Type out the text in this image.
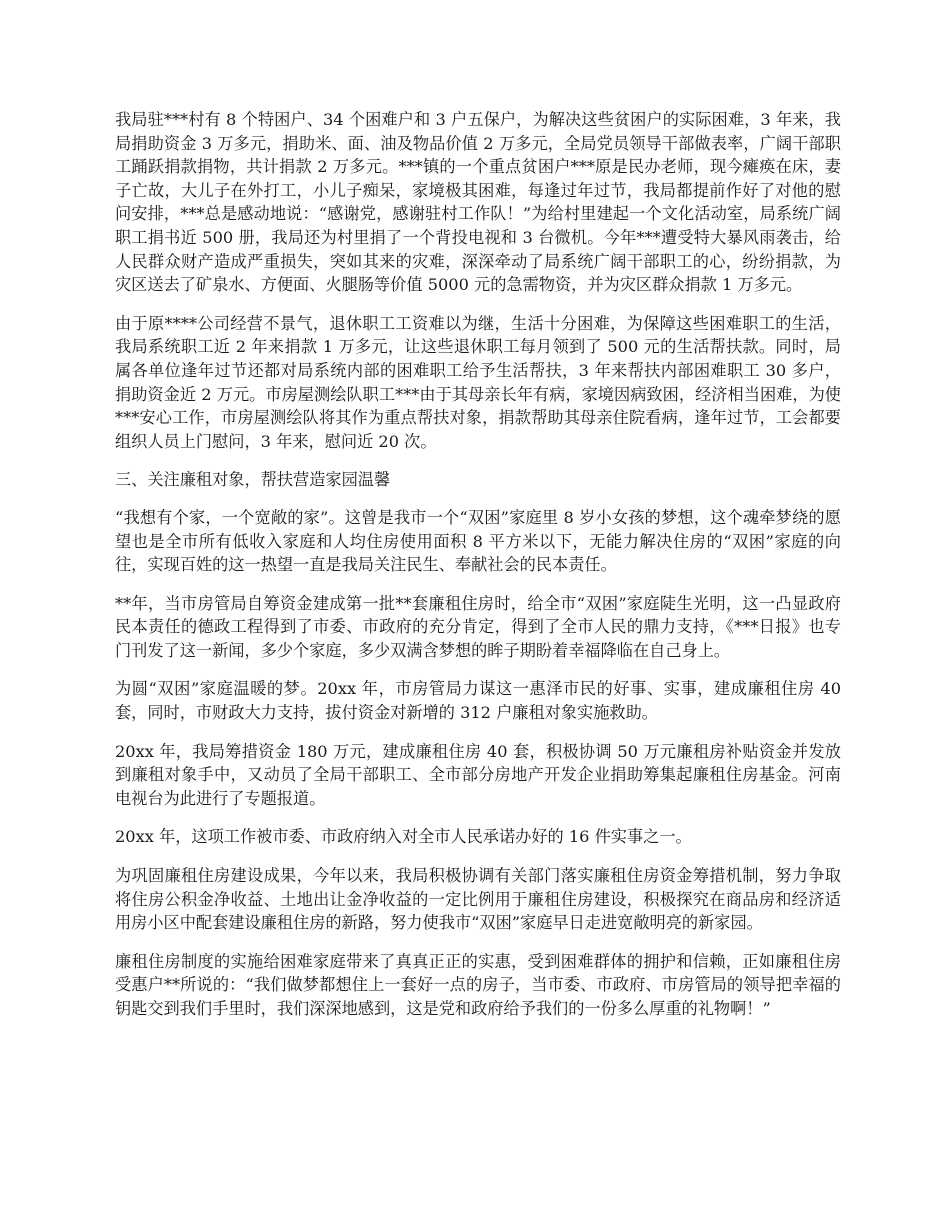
我局驻***村有 8 个特困户、34 个困难户和 3 户五保户，为解决这些贫困户的实际困难，3 年来，我局捐助资金 3 万多元，捐助米、面、油及物品价值 2 万多元，全局党员领导干部做表率，广阔干部职工踊跃捐款捐物，共计捐款 2 万多元。***镇的一个重点贫困户***原是民办老师，现今瘫痪在床，妻子亡故，大儿子在外打工，小儿子痴呆，家境极其困难，每逢过年过节，我局都提前作好了对他的慰问安排，***总是感动地说：“感谢党，感谢驻村工作队！”为给村里建起一个文化活动室，局系统广阔职工捐书近 500 册，我局还为村里捐了一个背投电视和 3 台微机。今年***遭受特大暴风雨袭击，给人民群众财产造成严重损失，突如其来的灾难，深深牵动了局系统广阔干部职工的心，纷纷捐款，为灾区送去了矿泉水、方便面、火腿肠等价值 5000 元的急需物资，并为灾区群众捐款 1 万多元。

由于原****公司经营不景气，退休职工工资难以为继，生活十分困难，为保障这些困难职工的生活，我局系统职工近 2 年来捐款 1 万多元，让这些退休职工每月领到了 500 元的生活帮扶款。同时，局属各单位逢年过节还都对局系统内部的困难职工给予生活帮扶，3 年来帮扶内部困难职工 30 多户，捐助资金近 2 万元。市房屋测绘队职工***由于其母亲长年有病，家境因病致困，经济相当困难，为使***安心工作，市房屋测绘队将其作为重点帮扶对象，捐款帮助其母亲住院看病，逢年过节，工会都要组织人员上门慰问，3 年来，慰问近 20 次。

三、关注廉租对象，帮扶营造家园温馨

“我想有个家，一个宽敞的家”。这曾是我市一个“双困”家庭里 8 岁小女孩的梦想，这个魂牵梦绕的愿望也是全市所有低收入家庭和人均住房使用面积 8 平方米以下，无能力解决住房的“双困”家庭的向往，实现百姓的这一热望一直是我局关注民生、奉献社会的民本责任。

**年，当市房管局自筹资金建成第一批**套廉租住房时，给全市“双困”家庭陡生光明，这一凸显政府民本责任的德政工程得到了市委、市政府的充分肯定，得到了全市人民的鼎力支持，《***日报》也专门刊发了这一新闻，多少个家庭，多少双满含梦想的眸子期盼着幸福降临在自己身上。

为圆“双困”家庭温暖的梦。20xx 年，市房管局力谋这一惠泽市民的好事、实事，建成廉租住房 40 套，同时，市财政大力支持，拔付资金对新增的 312 户廉租对象实施救助。

20xx 年，我局筹措资金 180 万元，建成廉租住房 40 套，积极协调 50 万元廉租房补贴资金并发放到廉租对象手中，又动员了全局干部职工、全市部分房地产开发企业捐助筹集起廉租住房基金。河南电视台为此进行了专题报道。

20xx 年，这项工作被市委、市政府纳入对全市人民承诺办好的 16 件实事之一。

为巩固廉租住房建设成果，今年以来，我局积极协调有关部门落实廉租住房资金筹措机制，努力争取将住房公积金净收益、土地出让金净收益的一定比例用于廉租住房建设，积极探究在商品房和经济适用房小区中配套建设廉租住房的新路，努力使我市“双困”家庭早日走进宽敞明亮的新家园。

廉租住房制度的实施给困难家庭带来了真真正正的实惠，受到困难群体的拥护和信赖，正如廉租住房受惠户**所说的：“我们做梦都想住上一套好一点的房子，当市委、市政府、市房管局的领导把幸福的钥匙交到我们手里时，我们深深地感到，这是党和政府给予我们的一份多么厚重的礼物啊！”
